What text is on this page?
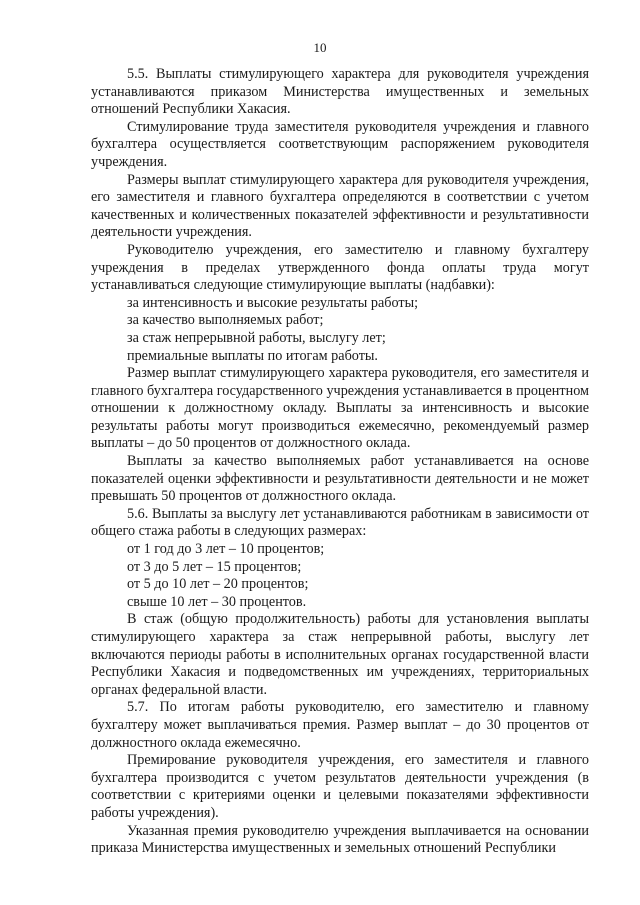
10

5.5. Выплаты стимулирующего характера для руководителя учреждения устанавливаются приказом Министерства имущественных и земельных отношений Республики Хакасия.

Стимулирование труда заместителя руководителя учреждения и главного бухгалтера осуществляется соответствующим распоряжением руководителя учреждения.

Размеры выплат стимулирующего характера для руководителя учреждения, его заместителя и главного бухгалтера определяются в соответствии с учетом качественных и количественных показателей эффективности и результативности деятельности учреждения.

Руководителю учреждения, его заместителю и главному бухгалтеру учреждения в пределах утвержденного фонда оплаты труда могут устанавливаться следующие стимулирующие выплаты (надбавки):

за интенсивность и высокие результаты работы;

за качество выполняемых работ;

за стаж непрерывной работы, выслугу лет;

премиальные выплаты по итогам работы.

Размер выплат стимулирующего характера руководителя, его заместителя и главного бухгалтера государственного учреждения устанавливается в процентном отношении к должностному окладу. Выплаты за интенсивность и высокие результаты работы могут производиться ежемесячно, рекомендуемый размер выплаты – до 50 процентов от должностного оклада.

Выплаты за качество выполняемых работ устанавливается на основе показателей оценки эффективности и результативности деятельности и не может превышать 50 процентов от должностного оклада.

5.6. Выплаты за выслугу лет устанавливаются работникам в зависимости от общего стажа работы в следующих размерах:

от 1 год до 3 лет – 10 процентов;

от 3 до 5 лет – 15 процентов;

от 5 до 10 лет – 20 процентов;

свыше 10 лет – 30 процентов.

В стаж (общую продолжительность) работы для установления выплаты стимулирующего характера за стаж непрерывной работы, выслугу лет включаются периоды работы в исполнительных органах государственной власти Республики Хакасия и подведомственных им учреждениях, территориальных органах федеральной власти.

5.7. По итогам работы руководителю, его заместителю и главному бухгалтеру может выплачиваться премия. Размер выплат – до 30 процентов от должностного оклада ежемесячно.

Премирование руководителя учреждения, его заместителя и главного бухгалтера производится с учетом результатов деятельности учреждения (в соответствии с критериями оценки и целевыми показателями эффективности работы учреждения).

Указанная премия руководителю учреждения выплачивается на основании приказа Министерства имущественных и земельных отношений Республики
